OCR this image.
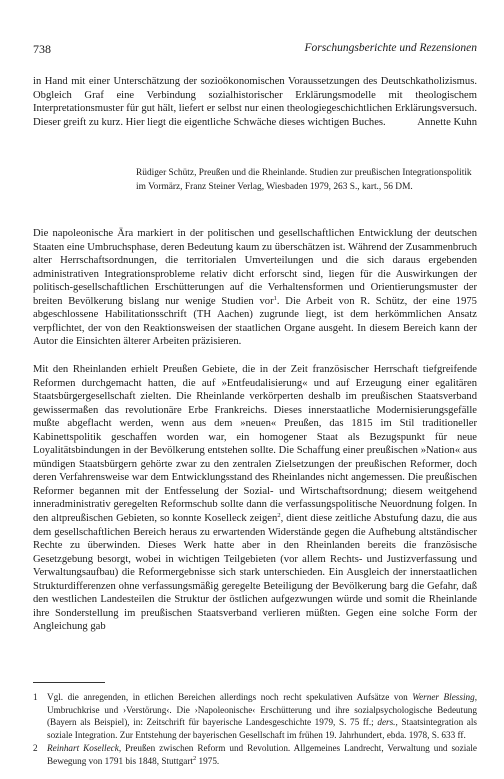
738	Forschungsberichte und Rezensionen

in Hand mit einer Unterschätzung der sozioökonomischen Voraussetzungen des Deutschkatholizismus. Obgleich Graf eine Verbindung sozialhistorischer Erklärungsmodelle mit theologischem Interpretationsmuster für gut hält, liefert er selbst nur einen theologiegeschichtlichen Erklärungsversuch. Dieser greift zu kurz. Hier liegt die eigentliche Schwäche dieses wichtigen Buches.	Annette Kuhn

Rüdiger Schütz, Preußen und die Rheinlande. Studien zur preußischen Integrationspolitik im Vormärz, Franz Steiner Verlag, Wiesbaden 1979, 263 S., kart., 56 DM.

Die napoleonische Ära markiert in der politischen und gesellschaftlichen Entwicklung der deutschen Staaten eine Umbruchsphase, deren Bedeutung kaum zu überschätzen ist. Während der Zusammenbruch alter Herrschaftsordnungen, die territorialen Umverteilungen und die sich daraus ergebenden administrativen Integrationsprobleme relativ dicht erforscht sind, liegen für die Auswirkungen der politisch-gesellschaftlichen Erschütterungen auf die Verhaltensformen und Orientierungsmuster der breiten Bevölkerung bislang nur wenige Studien vor$^1$. Die Arbeit von R. Schütz, der eine 1975 abgeschlossene Habilitationsschrift (TH Aachen) zugrunde liegt, ist dem herkömmlichen Ansatz verpflichtet, der von den Reaktionsweisen der staatlichen Organe ausgeht. In diesem Bereich kann der Autor die Einsichten älterer Arbeiten präzisieren.

Mit den Rheinlanden erhielt Preußen Gebiete, die in der Zeit französischer Herrschaft tiefgreifende Reformen durchgemacht hatten, die auf »Entfeudalisierung« und auf Erzeugung einer egalitären Staatsbürgergesellschaft zielten. Die Rheinlande verkörperten deshalb im preußischen Staatsverband gewissermaßen das revolutionäre Erbe Frankreichs. Dieses innerstaatliche Modernisierungsgefälle mußte abgeflacht werden, wenn aus dem »neuen« Preußen, das 1815 im Stil traditioneller Kabinettspolitik geschaffen worden war, ein homogener Staat als Bezugspunkt für neue Loyalitätsbindungen in der Bevölkerung entstehen sollte. Die Schaffung einer preußischen »Nation« aus mündigen Staatsbürgern gehörte zwar zu den zentralen Zielsetzungen der preußischen Reformer, doch deren Verfahrensweise war dem Entwicklungsstand des Rheinlandes nicht angemessen. Die preußischen Reformer begannen mit der Entfesselung der Sozial- und Wirtschaftsordnung; diesem weitgehend inneradministrativ geregelten Reformschub sollte dann die verfassungspolitische Neuordnung folgen. In den altpreußischen Gebieten, so konnte Koselleck zeigen$^2$, dient diese zeitliche Abstufung dazu, die aus dem gesellschaftlichen Bereich heraus zu erwartenden Widerstände gegen die Aufhebung altständischer Rechte zu überwinden. Dieses Werk hatte aber in den Rheinlanden bereits die französische Gesetzgebung besorgt, wobei in wichtigen Teilgebieten (vor allem Rechts- und Justizverfassung und Verwaltungsaufbau) die Reformergebnisse sich stark unterschieden. Ein Ausgleich der innerstaatlichen Strukturdifferenzen ohne verfassungsmäßig geregelte Beteiligung der Bevölkerung barg die Gefahr, daß den westlichen Landesteilen die Struktur der östlichen aufgezwungen würde und somit die Rheinlande ihre Sonderstellung im preußischen Staatsverband verlieren müßten. Gegen eine solche Form der Angleichung gab

1 Vgl. die anregenden, in etlichen Bereichen allerdings noch recht spekulativen Aufsätze von Werner Blessing, Umbruchkrise und ›Verstörung‹. Die ›Napoleonische‹ Erschütterung und ihre sozialpsychologische Bedeutung (Bayern als Beispiel), in: Zeitschrift für bayerische Landesgeschichte 1979, S. 75 ff.; ders., Staatsintegration als soziale Integration. Zur Entstehung der bayerischen Gesellschaft im frühen 19. Jahrhundert, ebda. 1978, S. 633 ff.
2 Reinhart Koselleck, Preußen zwischen Reform und Revolution. Allgemeines Landrecht, Verwaltung und soziale Bewegung von 1791 bis 1848, Stuttgart$^2$ 1975.
